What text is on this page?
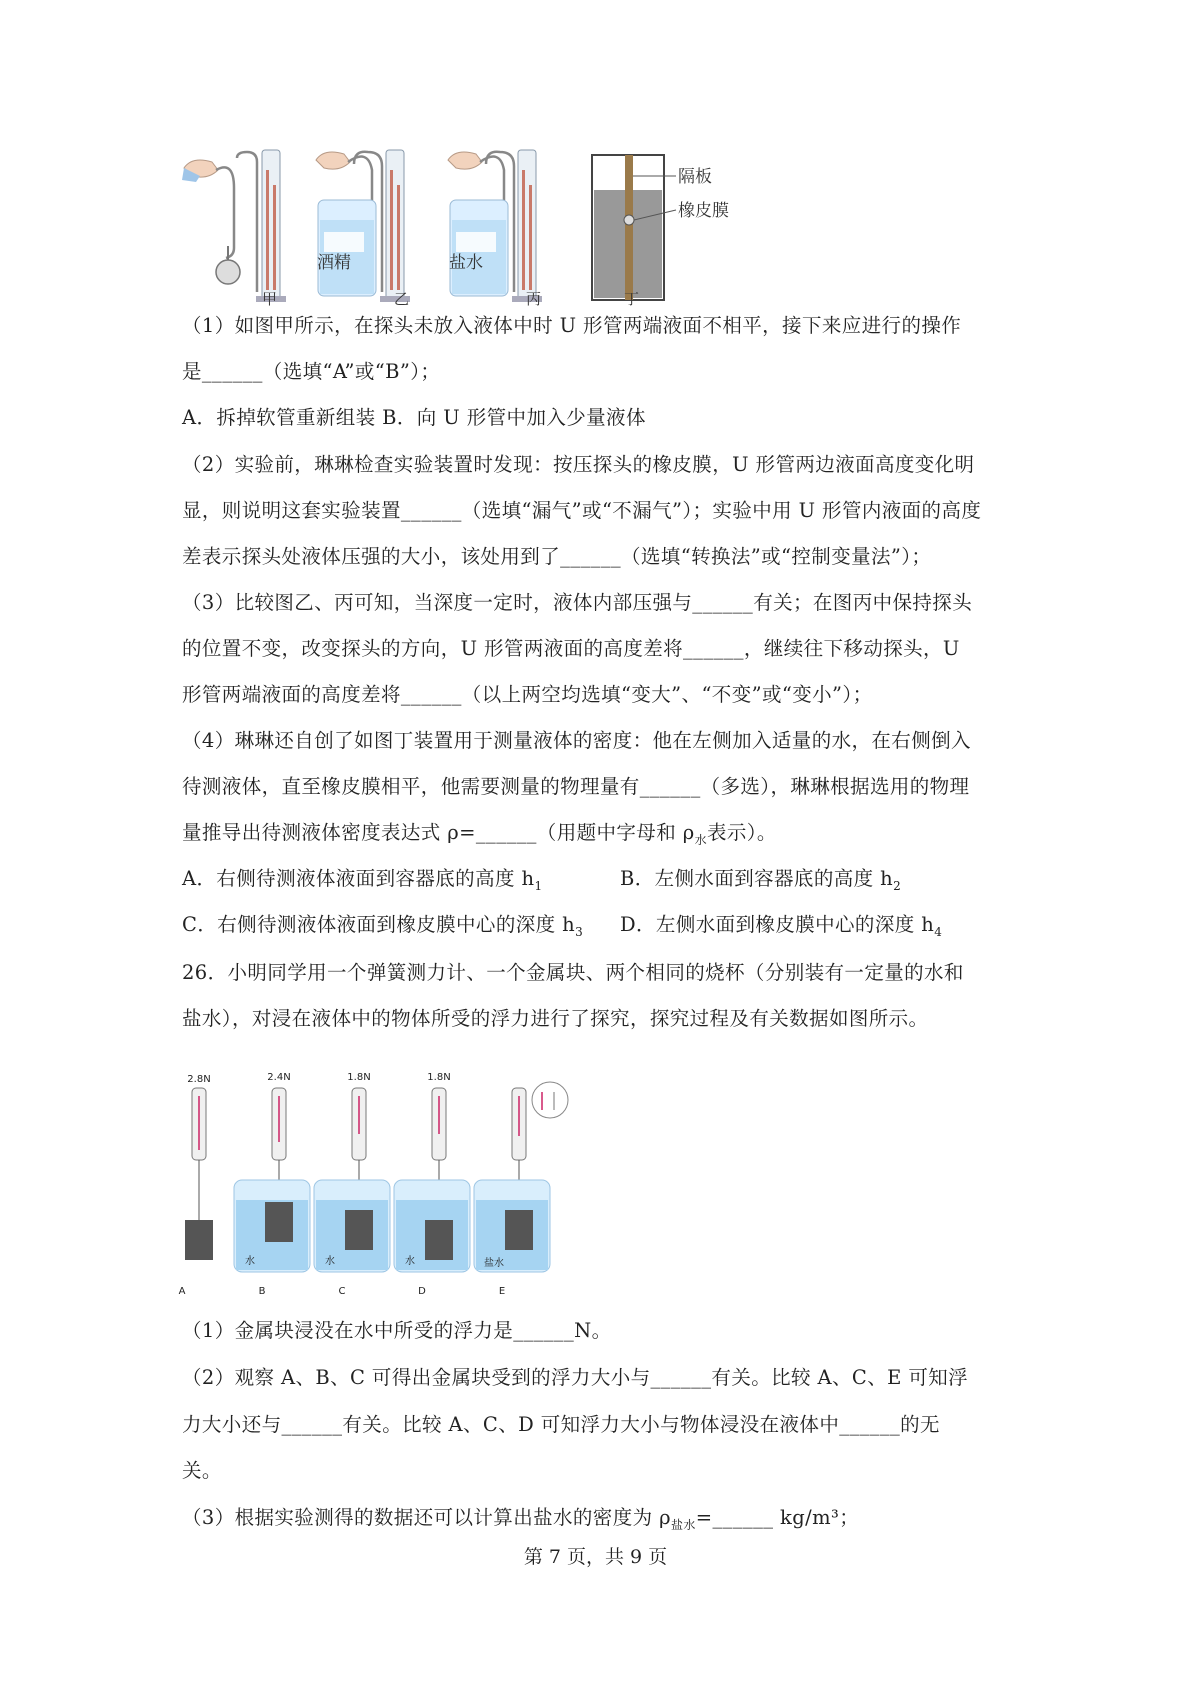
酒精	盐水
隔板
橡皮膜
甲	乙	丙	丁
（1）如图甲所示，在探头未放入液体中时 U 形管两端液面不相平，接下来应进行的操作
是______（选填“A”或“B”）；
A．拆掉软管重新组装 B．向 U 形管中加入少量液体
（2）实验前，琳琳检查实验装置时发现：按压探头的橡皮膜，U 形管两边液面高度变化明
显，则说明这套实验装置______（选填“漏气”或“不漏气”）；实验中用 U 形管内液面的高度
差表示探头处液体压强的大小，该处用到了______（选填“转换法”或“控制变量法”）；
（3）比较图乙、丙可知，当深度一定时，液体内部压强与______有关；在图丙中保持探头
的位置不变，改变探头的方向，U 形管两液面的高度差将______，继续往下移动探头，U
形管两端液面的高度差将______（以上两空均选填“变大”、“不变”或“变小”）；
（4）琳琳还自创了如图丁装置用于测量液体的密度：他在左侧加入适量的水，在右侧倒入
待测液体，直至橡皮膜相平，他需要测量的物理量有______（多选），琳琳根据选用的物理
量推导出待测液体密度表达式 ρ=______（用题中字母和 $\rho_水$表示）。
A．右侧待测液体液面到容器底的高度 $h_1$	B．左侧水面到容器底的高度 $h_2$
C．右侧待测液体液面到橡皮膜中心的深度 $h_3$ D．左侧水面到橡皮膜中心的深度 $h_4$
26．小明同学用一个弹簧测力计、一个金属块、两个相同的烧杯（分别装有一定量的水和
盐水），对浸在液体中的物体所受的浮力进行了探究，探究过程及有关数据如图所示。
2.8N	2.4N	1.8N	1.8N
水	水	水	盐水
A	B	C	D	E
（1）金属块浸没在水中所受的浮力是______N。
（2）观察 A、B、C 可得出金属块受到的浮力大小与______有关。比较 A、C、E 可知浮
力大小还与______有关。比较 A、C、D 可知浮力大小与物体浸没在液体中______的无
关。
（3）根据实验测得的数据还可以计算出盐水的密度为 $\rho_{盐水}=\_\_\_\_\_\_$ kg/m³；
第 7 页，共 9 页
